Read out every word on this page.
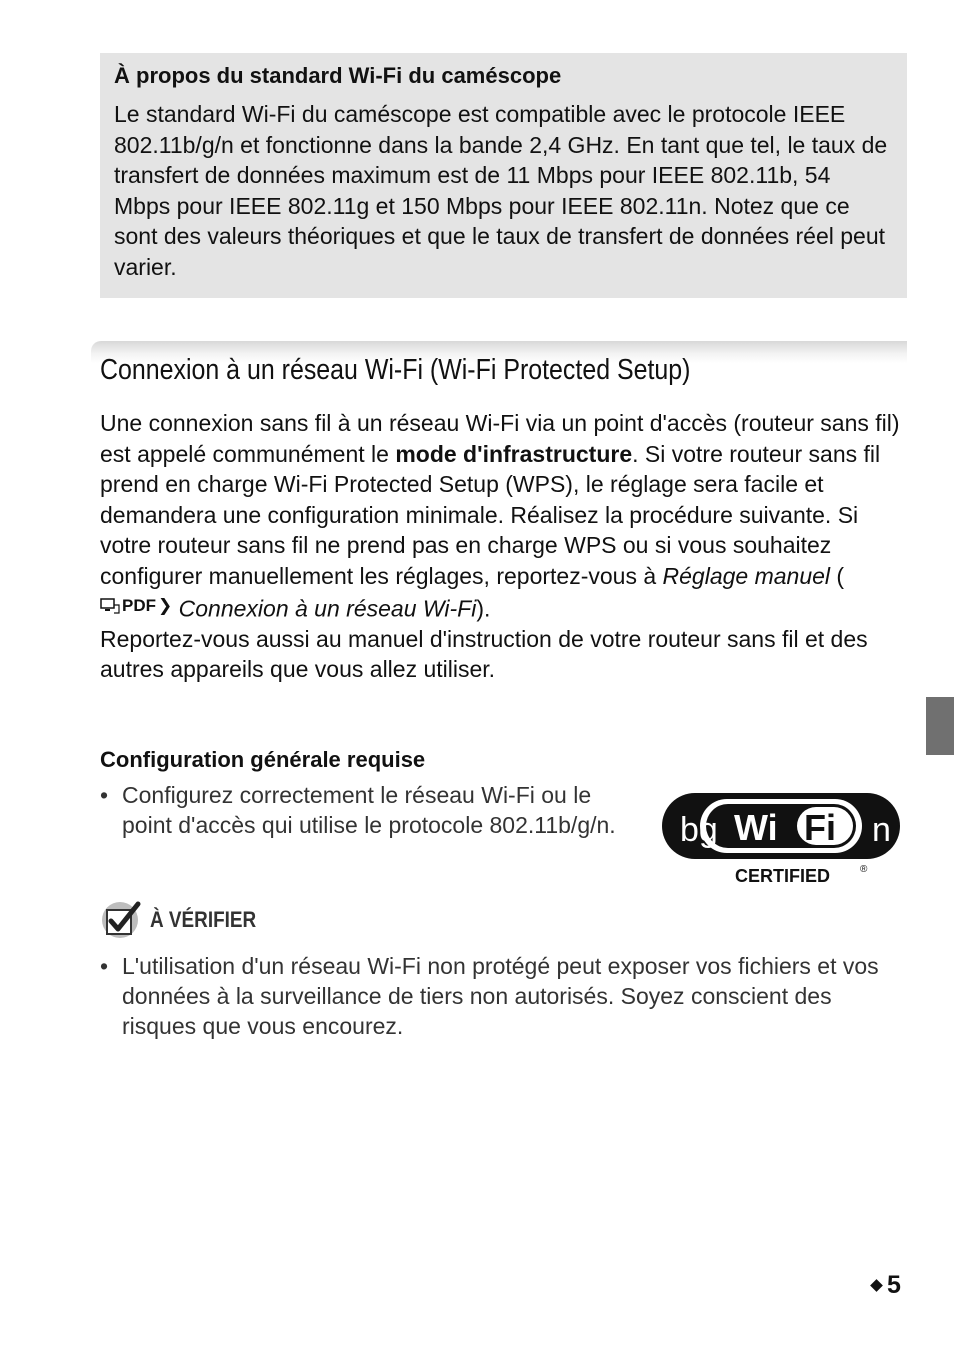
À propos du standard Wi-Fi du caméscope
Le standard Wi-Fi du caméscope est compatible avec le protocole IEEE 802.11b/g/n et fonctionne dans la bande 2,4 GHz. En tant que tel, le taux de transfert de données maximum est de 11 Mbps pour IEEE 802.11b, 54 Mbps pour IEEE 802.11g et 150 Mbps pour IEEE 802.11n. Notez que ce sont des valeurs théoriques et que le taux de transfert de données réel peut varier.
Connexion à un réseau Wi-Fi (Wi-Fi Protected Setup)

Une connexion sans fil à un réseau Wi-Fi via un point d'accès (routeur sans fil) est appelé communément le mode d'infrastructure. Si votre routeur sans fil prend en charge Wi-Fi Protected Setup (WPS), le réglage sera facile et demandera une configuration minimale. Réalisez la procédure suivante. Si votre routeur sans fil ne prend pas en charge WPS ou si vous souhaitez configurer manuellement les réglages, reportez-vous à Réglage manuel (
PDF ❯ Connexion à un réseau Wi-Fi).

Reportez-vous aussi au manuel d'instruction de votre routeur sans fil et des autres appareils que vous allez utiliser.

Configuration générale requise
• Configurez correctement le réseau Wi-Fi ou le point d'accès qui utilise le protocole 802.11b/g/n.	bg Wi Fi n
CERTIFIED	®
À VÉRIFIER
• L'utilisation d'un réseau Wi-Fi non protégé peut exposer vos fichiers et vos données à la surveillance de tiers non autorisés. Soyez conscient des risques que vous encourez.
5
